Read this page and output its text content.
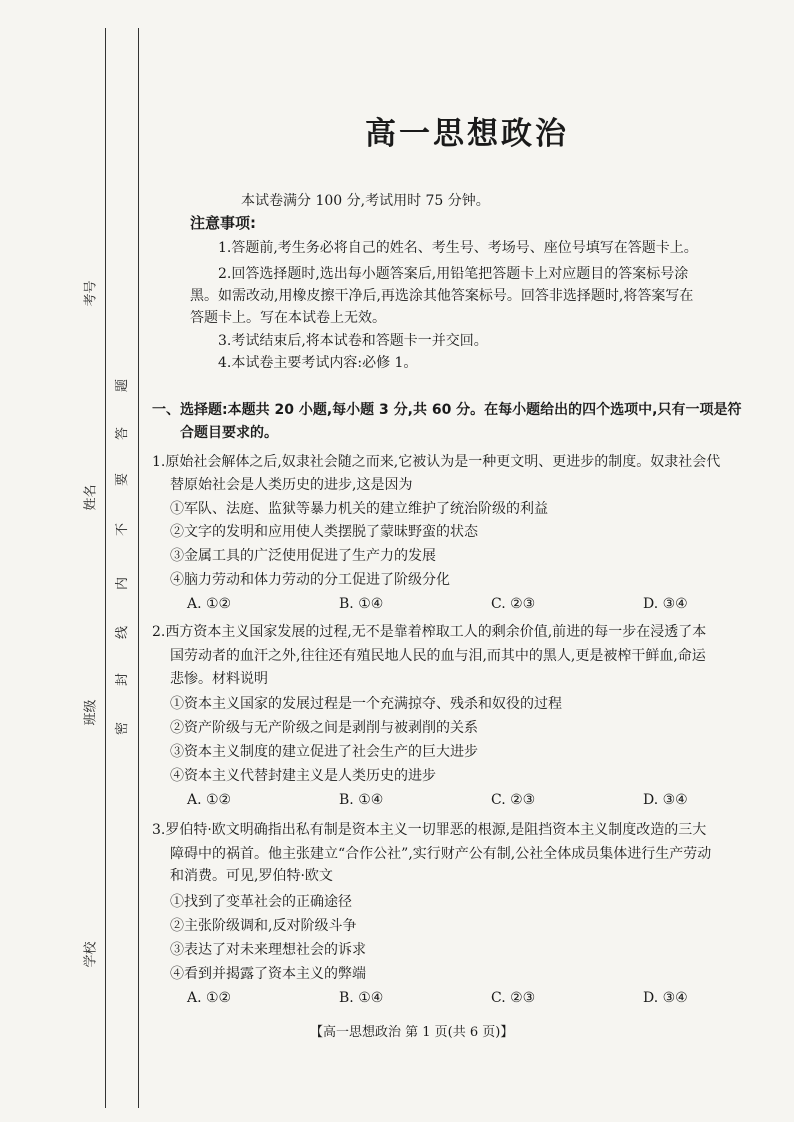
考号
姓名
班级
学校
题
答
要
不
内
线
封
密
高一思想政治
本试卷满分 100 分,考试用时 75 分钟。
注意事项:
1.答题前,考生务必将自己的姓名、考生号、考场号、座位号填写在答题卡上。
2.回答选择题时,选出每小题答案后,用铅笔把答题卡上对应题目的答案标号涂
黑。如需改动,用橡皮擦干净后,再选涂其他答案标号。回答非选择题时,将答案写在
答题卡上。写在本试卷上无效。
3.考试结束后,将本试卷和答题卡一并交回。
4.本试卷主要考试内容:必修 1。
一、选择题:本题共 20 小题,每小题 3 分,共 60 分。在每小题给出的四个选项中,只有一项是符
合题目要求的。
1.原始社会解体之后,奴隶社会随之而来,它被认为是一种更文明、更进步的制度。奴隶社会代
替原始社会是人类历史的进步,这是因为
①军队、法庭、监狱等暴力机关的建立维护了统治阶级的利益
②文字的发明和应用使人类摆脱了蒙昧野蛮的状态
③金属工具的广泛使用促进了生产力的发展
④脑力劳动和体力劳动的分工促进了阶级分化
A. ①②	B. ①④	C. ②③	D. ③④
2.西方资本主义国家发展的过程,无不是靠着榨取工人的剩余价值,前进的每一步在浸透了本
国劳动者的血汗之外,往往还有殖民地人民的血与泪,而其中的黑人,更是被榨干鲜血,命运
悲惨。材料说明
①资本主义国家的发展过程是一个充满掠夺、残杀和奴役的过程
②资产阶级与无产阶级之间是剥削与被剥削的关系
③资本主义制度的建立促进了社会生产的巨大进步
④资本主义代替封建主义是人类历史的进步
A. ①②	B. ①④	C. ②③	D. ③④
3.罗伯特·欧文明确指出私有制是资本主义一切罪恶的根源,是阻挡资本主义制度改造的三大
障碍中的祸首。他主张建立“合作公社”,实行财产公有制,公社全体成员集体进行生产劳动
和消费。可见,罗伯特·欧文
①找到了变革社会的正确途径
②主张阶级调和,反对阶级斗争
③表达了对未来理想社会的诉求
④看到并揭露了资本主义的弊端
A. ①②	B. ①④	C. ②③	D. ③④
【高一思想政治 第 1 页(共 6 页)】
